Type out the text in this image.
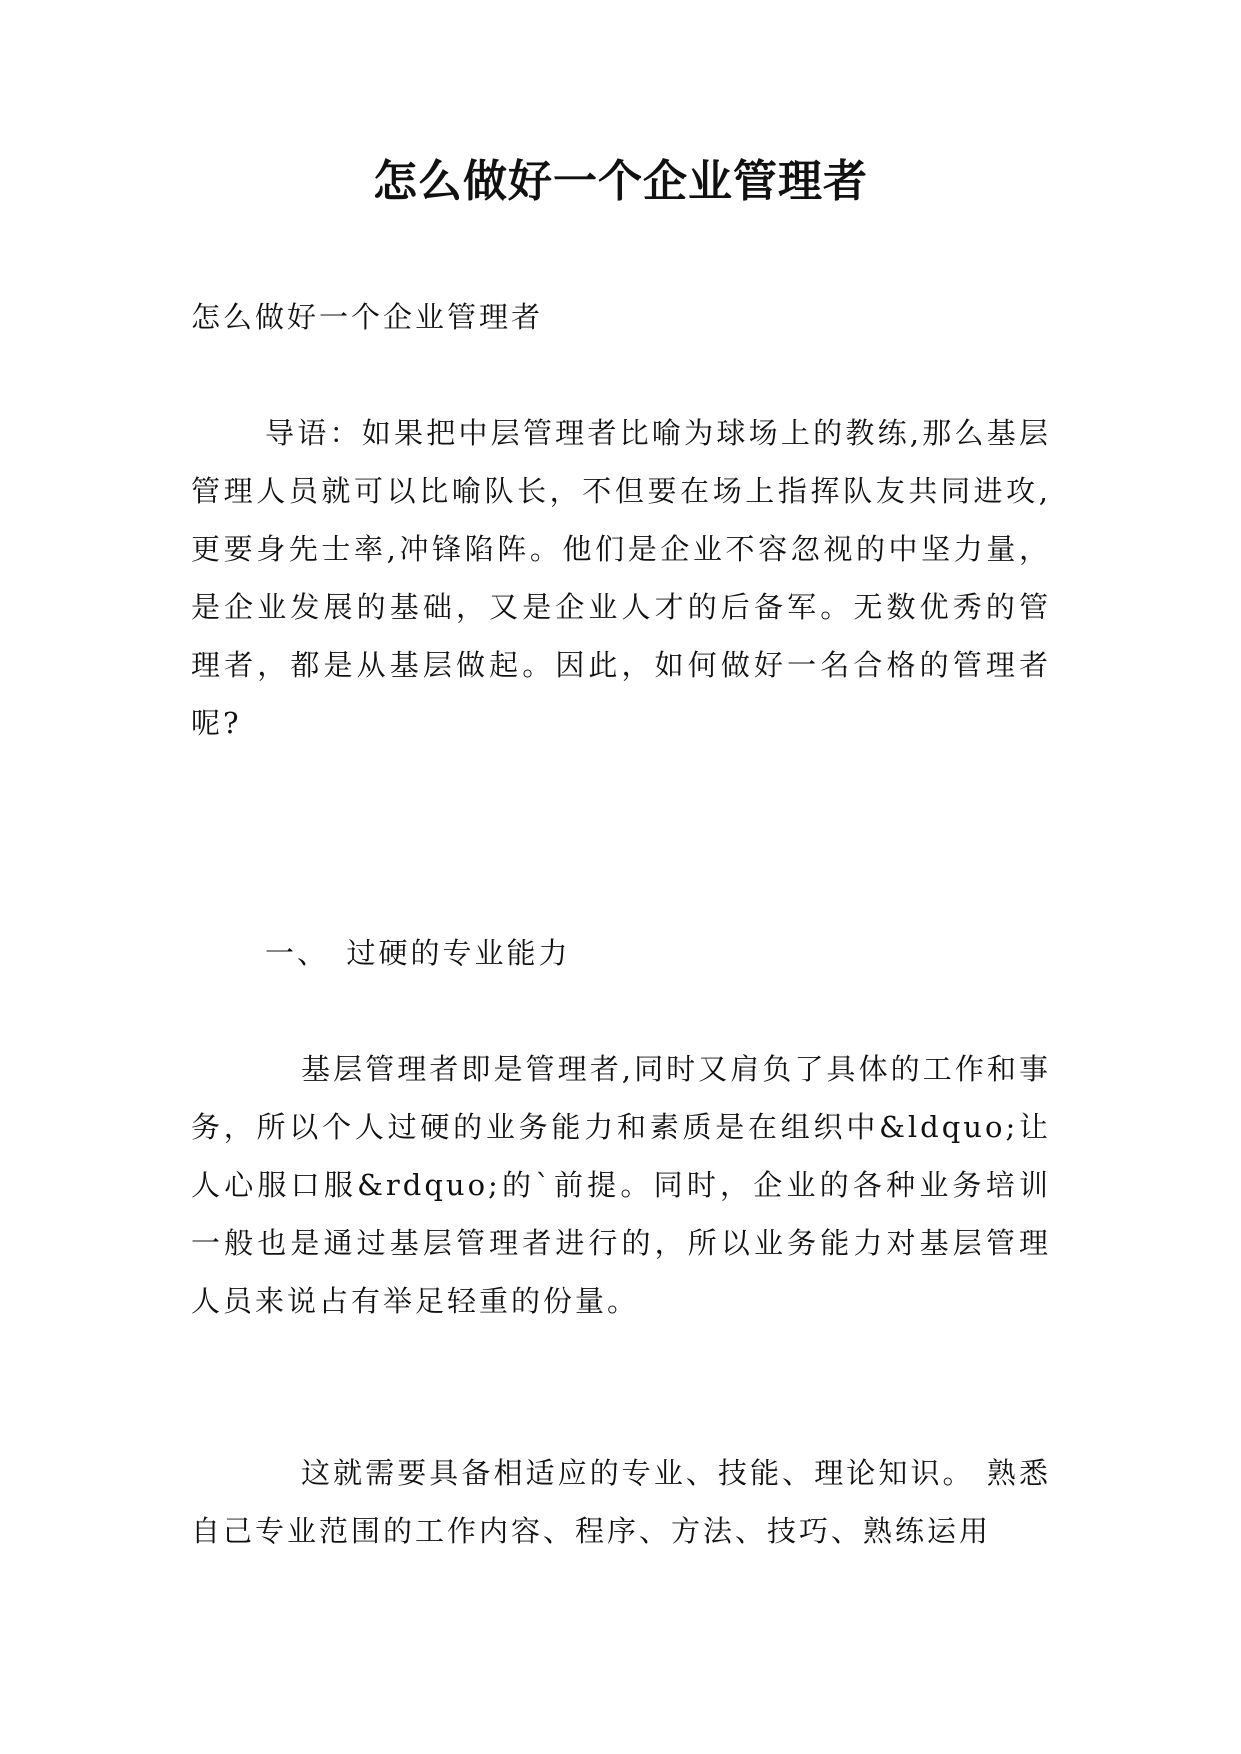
怎么做好一个企业管理者

怎么做好一个企业管理者

导语：如果把中层管理者比喻为球场上的教练,那么基层管理人员就可以比喻队长，不但要在场上指挥队友共同进攻,更要身先士率,冲锋陷阵。他们是企业不容忽视的中坚力量，是企业发展的基础，又是企业人才的后备军。无数优秀的管理者，都是从基层做起。因此，如何做好一名合格的管理者呢?

一、　过硬的专业能力

基层管理者即是管理者,同时又肩负了具体的工作和事务，所以个人过硬的业务能力和素质是在组织中&ldquo;让人心服口服&rdquo;的`前提。同时，企业的各种业务培训一般也是通过基层管理者进行的，所以业务能力对基层管理人员来说占有举足轻重的份量。

这就需要具备相适应的专业、技能、理论知识。 熟悉自己专业范围的工作内容、程序、方法、技巧、熟练运用
